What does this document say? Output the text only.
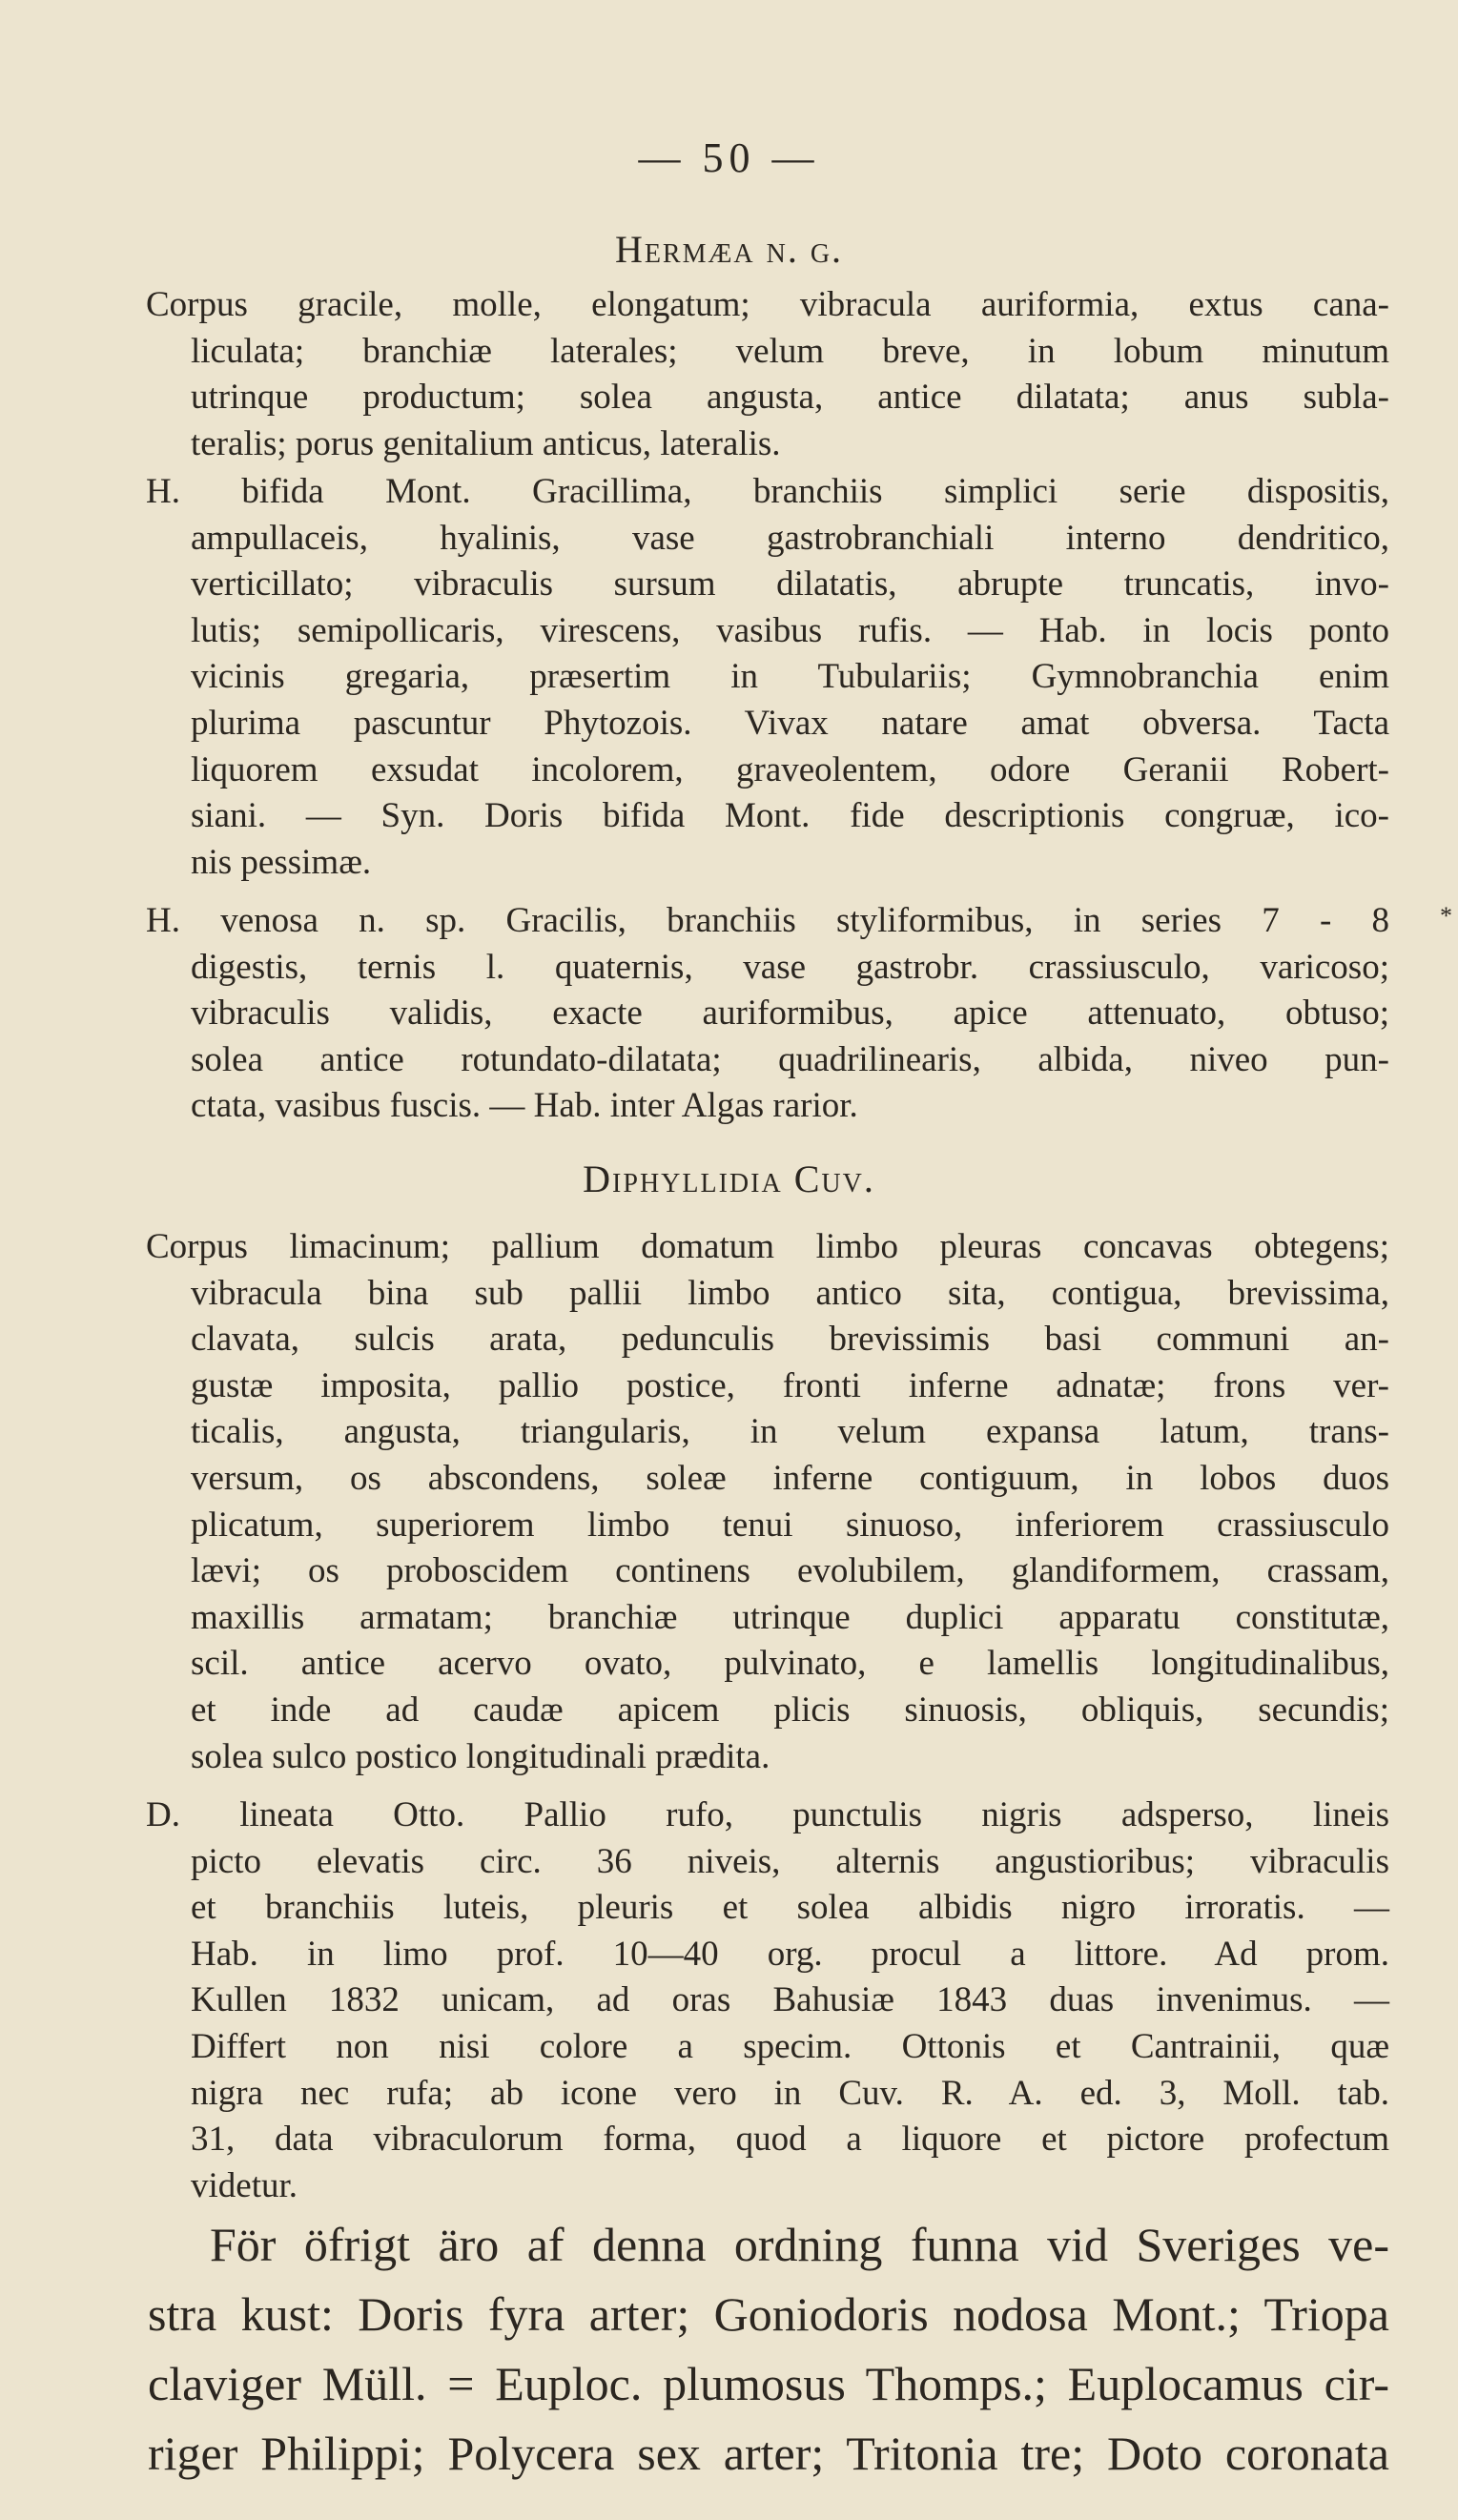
— 50 —
Hermæa n. g.
Corpus gracile, molle, elongatum; vibracula auriformia, extus cana-
liculata; branchiæ laterales; velum breve, in lobum minutum
utrinque productum; solea angusta, antice dilatata; anus subla-
teralis; porus genitalium anticus, lateralis.
H. bifida Mont. Gracillima, branchiis simplici serie dispositis,
ampullaceis, hyalinis, vase gastrobranchiali interno dendritico,
verticillato; vibraculis sursum dilatatis, abrupte truncatis, invo-
lutis; semipollicaris, virescens, vasibus rufis. — Hab. in locis ponto
vicinis gregaria, præsertim in Tubulariis; Gymnobranchia enim
plurima pascuntur Phytozois. Vivax natare amat obversa. Tacta
liquorem exsudat incolorem, graveolentem, odore Geranii Robert-
siani. — Syn. Doris bifida Mont. fide descriptionis congruæ, ico-
nis pessimæ.
H. venosa n. sp. Gracilis, branchiis styliformibus, in series 7 - 8
digestis, ternis l. quaternis, vase gastrobr. crassiusculo, varicoso;
vibraculis validis, exacte auriformibus, apice attenuato, obtuso;
solea antice rotundato-dilatata; quadrilinearis, albida, niveo pun-
ctata, vasibus fuscis. — Hab. inter Algas rarior.
*
Diphyllidia Cuv.
Corpus limacinum; pallium domatum limbo pleuras concavas obtegens;
vibracula bina sub pallii limbo antico sita, contigua, brevissima,
clavata, sulcis arata, pedunculis brevissimis basi communi an-
gustæ imposita, pallio postice, fronti inferne adnatæ; frons ver-
ticalis, angusta, triangularis, in velum expansa latum, trans-
versum, os abscondens, soleæ inferne contiguum, in lobos duos
plicatum, superiorem limbo tenui sinuoso, inferiorem crassiusculo
lævi; os proboscidem continens evolubilem, glandiformem, crassam,
maxillis armatam; branchiæ utrinque duplici apparatu constitutæ,
scil. antice acervo ovato, pulvinato, e lamellis longitudinalibus,
et inde ad caudæ apicem plicis sinuosis, obliquis, secundis;
solea sulco postico longitudinali prædita.
D. lineata Otto. Pallio rufo, punctulis nigris adsperso, lineis
picto elevatis circ. 36 niveis, alternis angustioribus; vibraculis
et branchiis luteis, pleuris et solea albidis nigro irroratis. —
Hab. in limo prof. 10—40 org. procul a littore. Ad prom.
Kullen 1832 unicam, ad oras Bahusiæ 1843 duas invenimus. —
Differt non nisi colore a specim. Ottonis et Cantrainii, quæ
nigra nec rufa; ab icone vero in Cuv. R. A. ed. 3, Moll. tab.
31, data vibraculorum forma, quod a liquore et pictore profectum
videtur.
För öfrigt äro af denna ordning funna vid Sveriges ve-
stra kust: Doris fyra arter; Goniodoris nodosa Mont.; Triopa
claviger Müll. = Euploc. plumosus Thomps.; Euplocamus cir-
riger Philippi; Polycera sex arter; Tritonia tre; Doto coronata
